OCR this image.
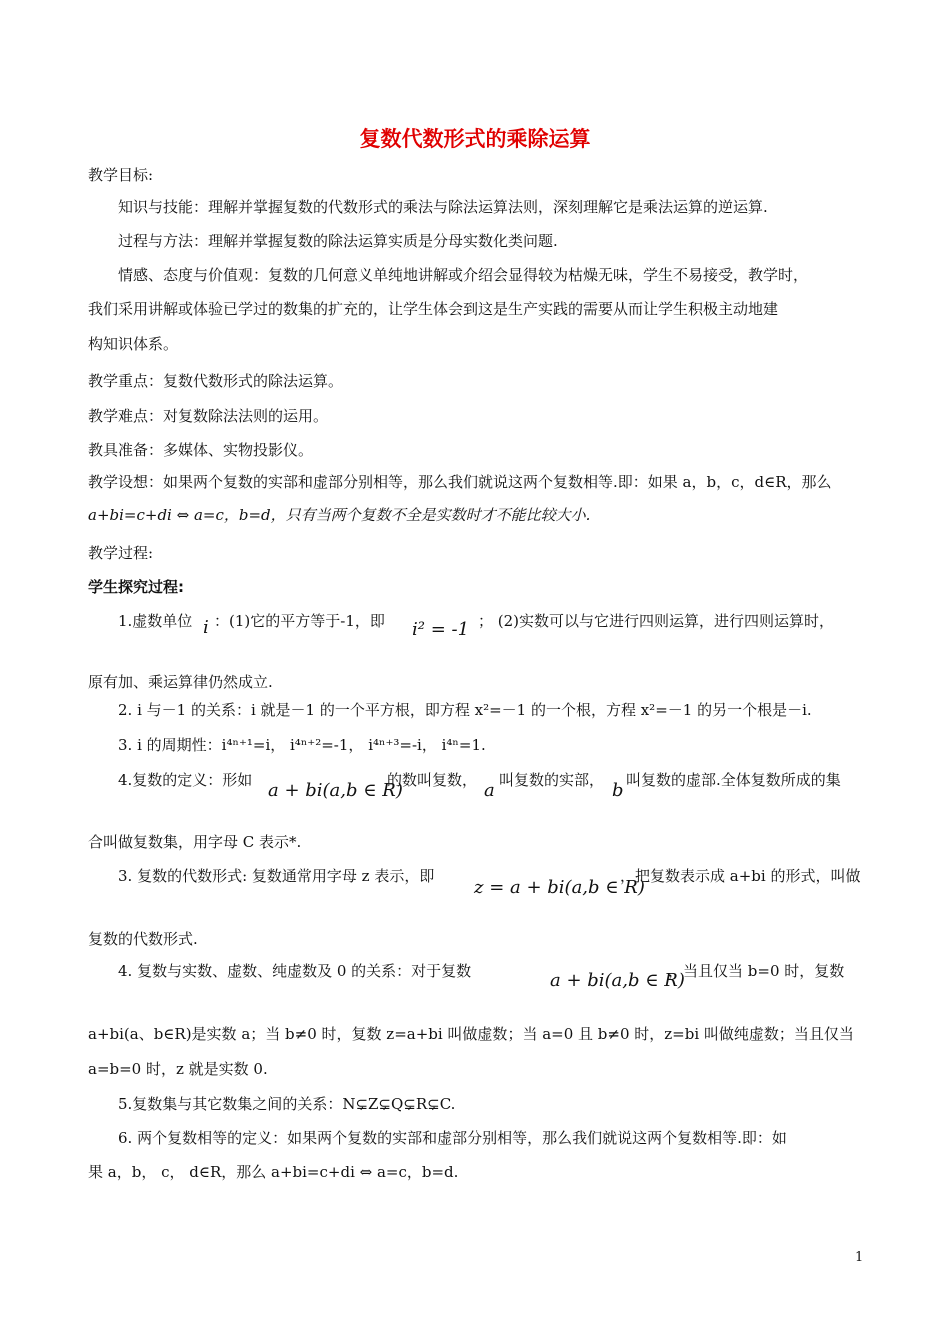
复数代数形式的乘除运算
教学目标:
知识与技能：理解并掌握复数的代数形式的乘法与除法运算法则，深刻理解它是乘法运算的逆运算.
过程与方法：理解并掌握复数的除法运算实质是分母实数化类问题.
情感、态度与价值观：复数的几何意义单纯地讲解或介绍会显得较为枯燥无味，学生不易接受，教学时，
我们采用讲解或体验已学过的数集的扩充的，让学生体会到这是生产实践的需要从而让学生积极主动地建
构知识体系。
教学重点：复数代数形式的除法运算。
教学难点：对复数除法法则的运用。
教具准备：多媒体、实物投影仪。
教学设想：如果两个复数的实部和虚部分别相等，那么我们就说这两个复数相等.即：如果 a，b，c，d∈R，那么
a+bi=c+di ⇔ a=c，b=d，只有当两个复数不全是实数时才不能比较大小.
教学过程:
学生探究过程:
1.虚数单位 i ：(1)它的平方等于-1，即 i² = -1 ； (2)实数可以与它进行四则运算，进行四则运算时，
原有加、乘运算律仍然成立.
2. i 与－1 的关系：i 就是－1 的一个平方根，即方程 x²=－1 的一个根，方程 x²=－1 的另一个根是－i.
3. i 的周期性：i⁴ⁿ⁺¹=i， i⁴ⁿ⁺²=-1， i⁴ⁿ⁺³=-i， i⁴ⁿ=1.
4.复数的定义：形如 a + bi(a,b ∈ R)
的数叫复数， a 叫复数的实部， b 叫复数的虚部.全体复数所成的集
合叫做复数集，用字母 C 表示*.
3. 复数的代数形式: 复数通常用字母 z 表示，即
z = a + bi(a,b ∈ R)
，把复数表示成 a+bi 的形式，叫做
复数的代数形式.
4. 复数与实数、虚数、纯虚数及 0 的关系：对于复数	a + bi(a,b ∈ R)
，当且仅当 b=0 时，复数
a+bi(a、b∈R)是实数 a；当 b≠0 时，复数 z=a+bi 叫做虚数；当 a=0 且 b≠0 时，z=bi 叫做纯虚数；当且仅当
a=b=0 时，z 就是实数 0.
5.复数集与其它数集之间的关系：N⊊Z⊊Q⊊R⊊C.
6. 两个复数相等的定义：如果两个复数的实部和虚部分别相等，那么我们就说这两个复数相等.即：如
果 a，b， c， d∈R，那么 a+bi=c+di ⇔ a=c，b=d.
1
